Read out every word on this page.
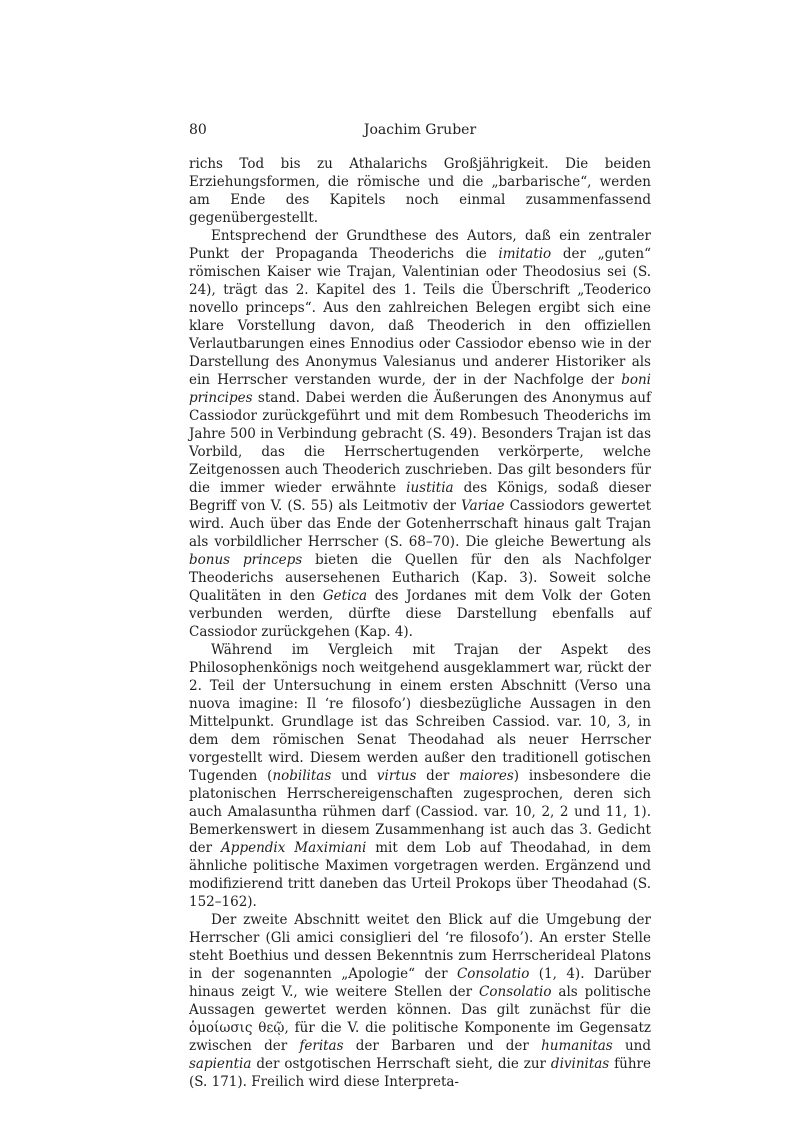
80	Joachim Gruber

richs Tod bis zu Athalarichs Großjährigkeit. Die beiden Erziehungsformen, die römische und die „barbarische“, werden am Ende des Kapitels noch einmal zusammenfassend gegenübergestellt.

Entsprechend der Grundthese des Autors, daß ein zentraler Punkt der Propaganda Theoderichs die imitatio der „guten“ römischen Kaiser wie Trajan, Valentinian oder Theodosius sei (S. 24), trägt das 2. Kapitel des 1. Teils die Überschrift „Teoderico novello princeps“. Aus den zahlreichen Belegen ergibt sich eine klare Vorstellung davon, daß Theoderich in den offiziellen Verlautbarungen eines Ennodius oder Cassiodor ebenso wie in der Darstellung des Anonymus Valesianus und anderer Historiker als ein Herrscher verstanden wurde, der in der Nachfolge der boni principes stand. Dabei werden die Äußerungen des Anonymus auf Cassiodor zurückgeführt und mit dem Rombesuch Theoderichs im Jahre 500 in Verbindung gebracht (S. 49). Besonders Trajan ist das Vorbild, das die Herrschertugenden verkörperte, welche Zeitgenossen auch Theoderich zuschrieben. Das gilt besonders für die immer wieder erwähnte iustitia des Königs, sodaß dieser Begriff von V. (S. 55) als Leitmotiv der Variae Cassiodors gewertet wird. Auch über das Ende der Gotenherrschaft hinaus galt Trajan als vorbildlicher Herrscher (S. 68–70). Die gleiche Bewertung als bonus princeps bieten die Quellen für den als Nachfolger Theoderichs ausersehenen Eutharich (Kap. 3). Soweit solche Qualitäten in den Getica des Jordanes mit dem Volk der Goten verbunden werden, dürfte diese Darstellung ebenfalls auf Cassiodor zurückgehen (Kap. 4).

Während im Vergleich mit Trajan der Aspekt des Philosophenkönigs noch weitgehend ausgeklammert war, rückt der 2. Teil der Untersuchung in einem ersten Abschnitt (Verso una nuova imagine: Il ‘re filosofo’) diesbezügliche Aussagen in den Mittelpunkt. Grundlage ist das Schreiben Cassiod. var. 10, 3, in dem dem römischen Senat Theodahad als neuer Herrscher vorgestellt wird. Diesem werden außer den traditionell gotischen Tugenden (nobilitas und virtus der maiores) insbesondere die platonischen Herrschereigenschaften zugesprochen, deren sich auch Amalasuntha rühmen darf (Cassiod. var. 10, 2, 2 und 11, 1). Bemerkenswert in diesem Zusammenhang ist auch das 3. Gedicht der Appendix Maximiani mit dem Lob auf Theodahad, in dem ähnliche politische Maximen vorgetragen werden. Ergänzend und modifizierend tritt daneben das Urteil Prokops über Theodahad (S. 152–162).

Der zweite Abschnitt weitet den Blick auf die Umgebung der Herrscher (Gli amici consiglieri del ‘re filosofo’). An erster Stelle steht Boethius und dessen Bekenntnis zum Herrscherideal Platons in der sogenannten „Apologie“ der Consolatio (1, 4). Darüber hinaus zeigt V., wie weitere Stellen der Consolatio als politische Aussagen gewertet werden können. Das gilt zunächst für die ὁμοίωσις θεῷ, für die V. die politische Komponente im Gegensatz zwischen der feritas der Barbaren und der humanitas und sapientia der ostgotischen Herrschaft sieht, die zur divinitas führe (S. 171). Freilich wird diese Interpreta-
